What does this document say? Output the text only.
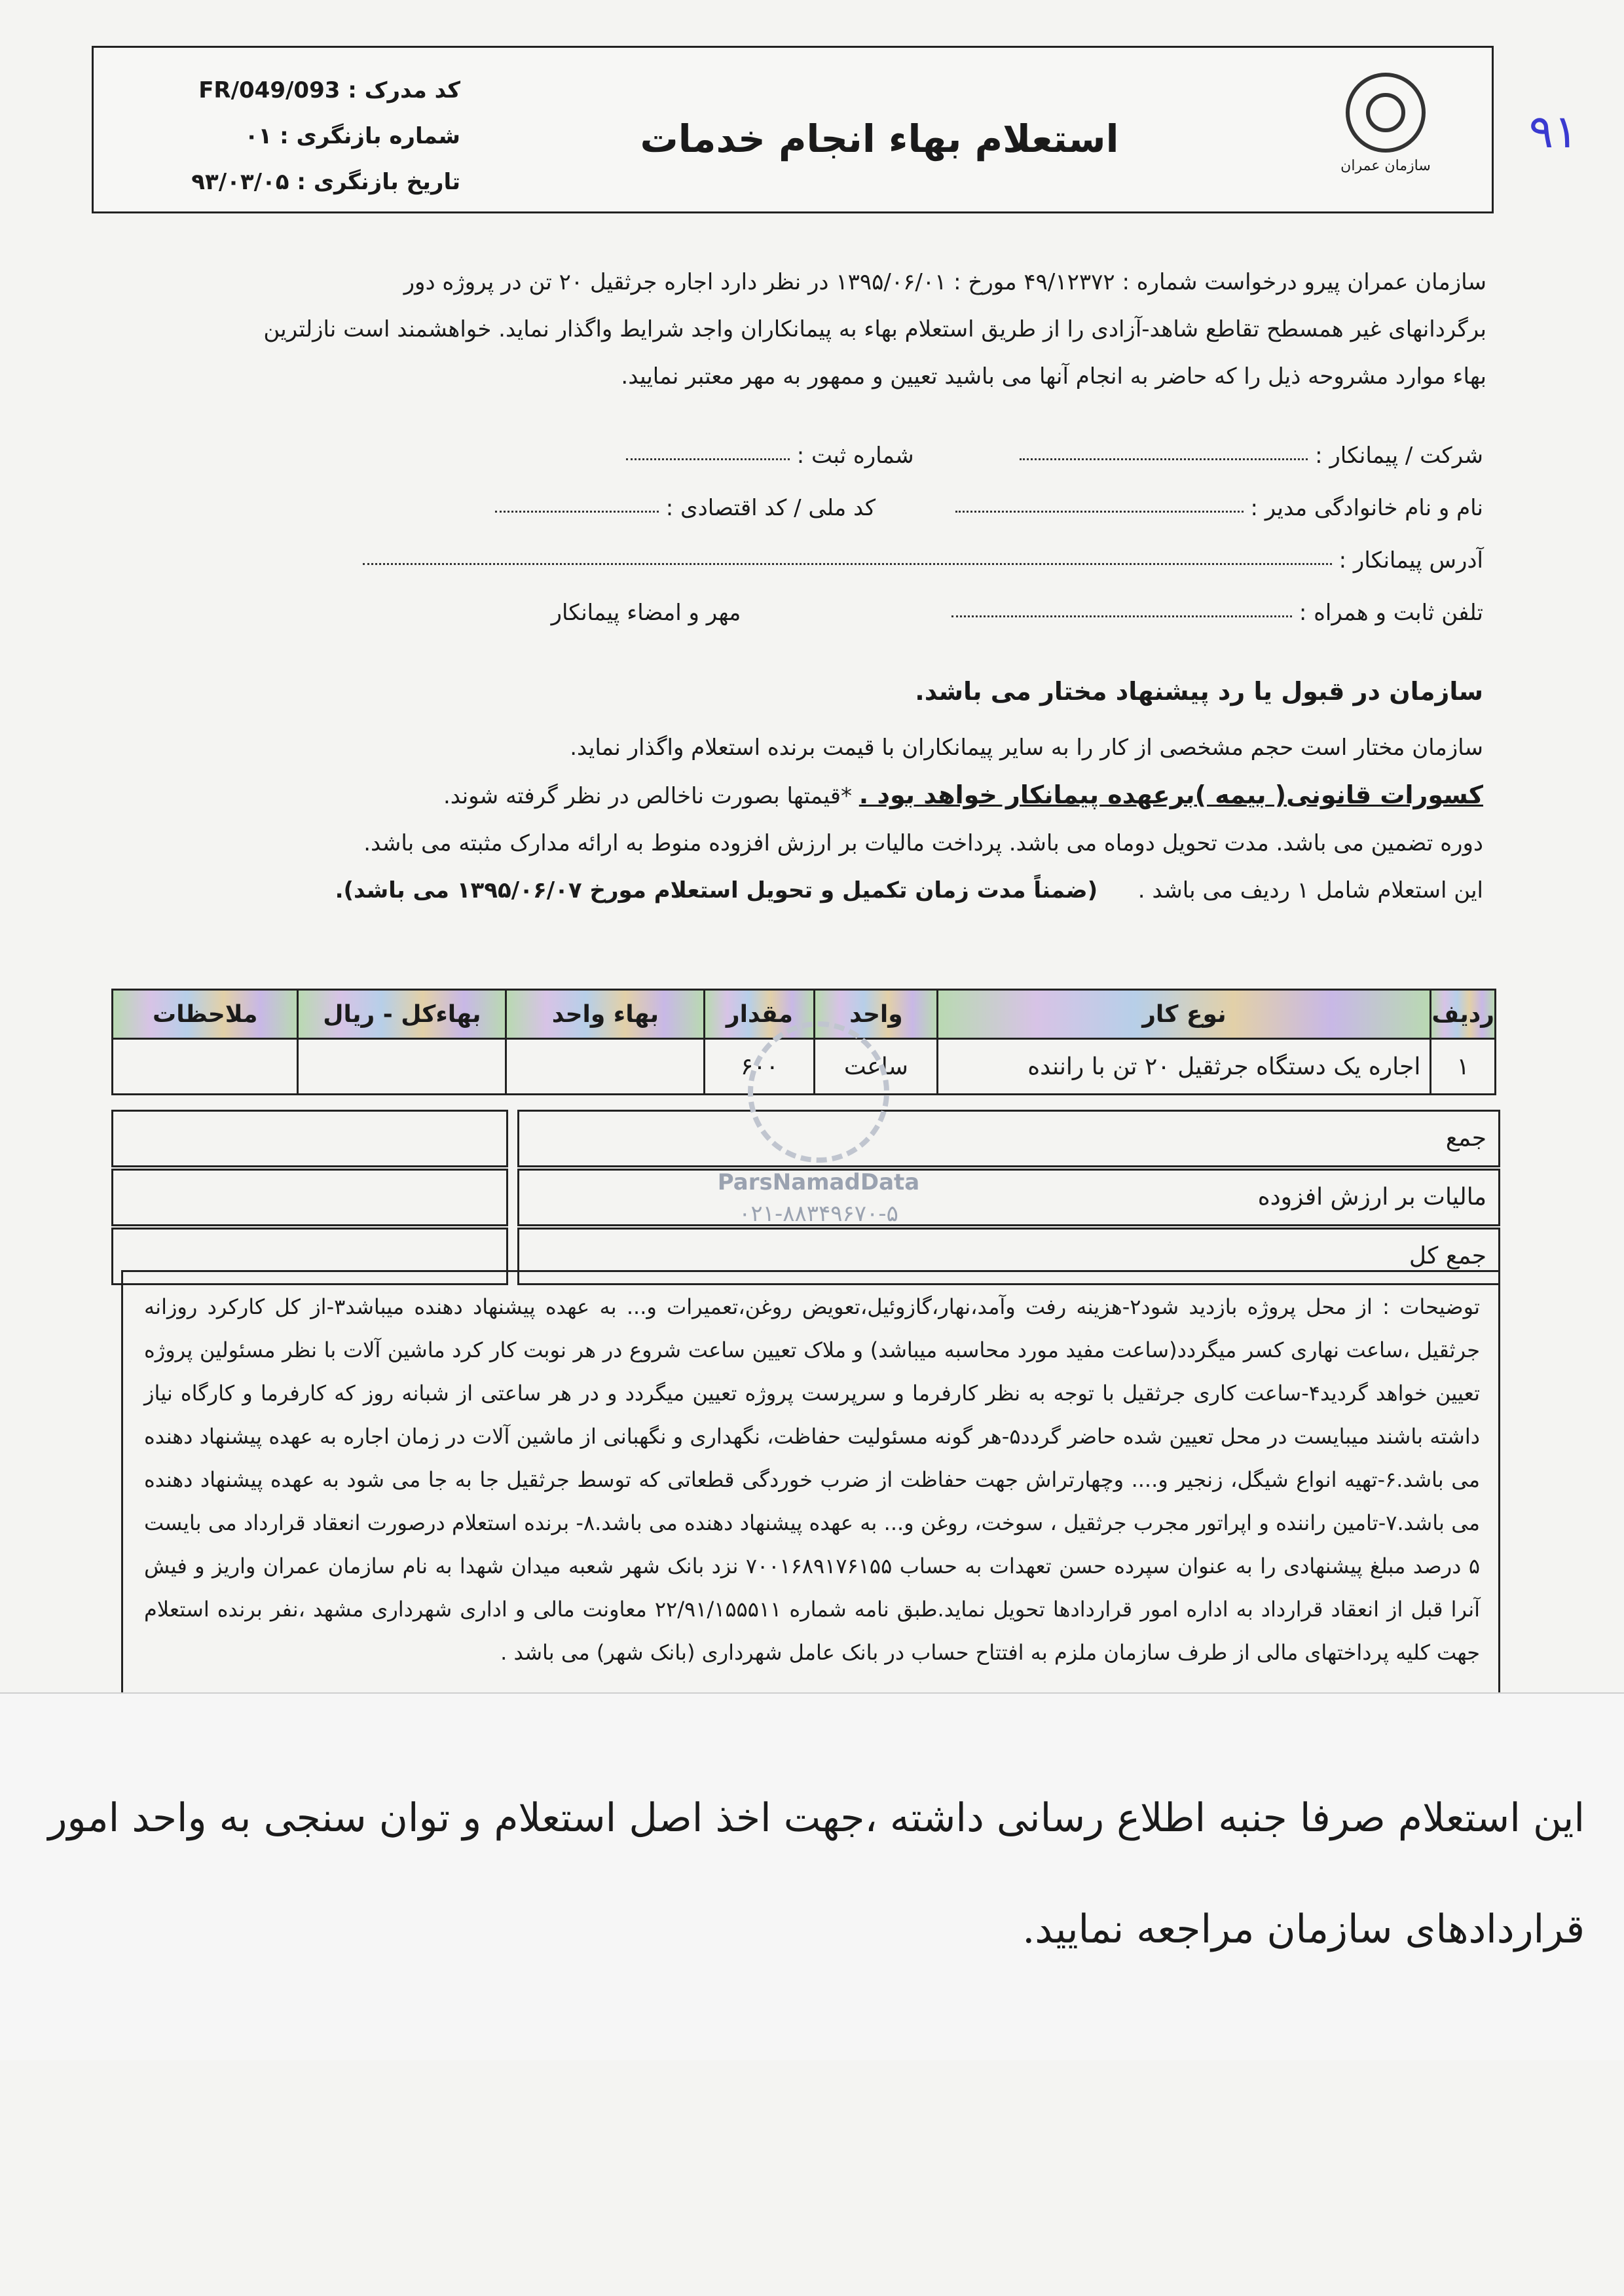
سازمان عمران
استعلام بهاء انجام خدمات
کد مدرک : FR/049/093
شماره بازنگری : ۰۱
تاریخ بازنگری : ۹۳/۰۳/۰۵
۹۱
سازمان عمران پیرو درخواست شماره : ۴۹/۱۲۳۷۲ مورخ : ۱۳۹۵/۰۶/۰۱ در نظر دارد اجاره جرثقیل ۲۰ تن در پروژه دور
برگردانهای غیر همسطح تقاطع شاهد-آزادی را از طریق استعلام بهاء به پیمانکاران واجد شرایط واگذار نماید. خواهشمند است نازلترین
بهاء موارد مشروحه ذیل را که حاضر به انجام آنها می باشید تعیین و ممهور به مهر معتبر نمایید.
شرکت / پیمانکار :   شماره ثبت :
نام و نام خانوادگی مدیر :   کد ملی / کد اقتصادی :
آدرس پیمانکار :
تلفن ثابت و همراه :   مهر و امضاء پیمانکار
سازمان در قبول یا رد پیشنهاد مختار می باشد.
سازمان مختار است حجم مشخصی از کار را به سایر پیمانکاران با قیمت برنده استعلام واگذار نماید.
کسورات قانونی( بیمه )برعهده پیمانکار خواهد بود . *قیمتها بصورت ناخالص در نظر گرفته شوند.
دوره تضمین می باشد. مدت تحویل دوماه می باشد. پرداخت مالیات بر ارزش افزوده منوط به ارائه مدارک مثبته می باشد.
این استعلام شامل ۱ ردیف می باشد .  (ضمناً مدت زمان تکمیل و تحویل استعلام مورخ ۱۳۹۵/۰۶/۰۷ می باشد).
ردیف	نوع کار	واحد	مقدار	بهاء واحد	بهاءکل - ریال	ملاحظات
۱	اجاره یک دستگاه جرثقیل ۲۰ تن با راننده	ساعت	۶۰۰			
جمع
مالیات بر ارزش افزوده
جمع کل
ParsNamadData
۰۲۱-۸۸۳۴۹۶۷۰-۵
توضیحات : از محل پروژه بازدید شود۲-هزینه رفت وآمد،نهار،گازوئیل،تعویض روغن،تعمیرات و... به عهده پیشنهاد دهنده میباشد۳-از کل کارکرد روزانه جرثقیل ،ساعت نهاری کسر میگردد(ساعت مفید مورد محاسبه میباشد) و ملاک تعیین ساعت شروع در هر نوبت کار کرد ماشین آلات با نظر مسئولین پروژه تعیین خواهد گردید۴-ساعت کاری جرثقیل با توجه به نظر کارفرما و سرپرست پروژه تعیین میگردد و در هر ساعتی از شبانه روز که کارفرما و کارگاه نیاز داشته باشند میبایست در محل تعیین شده حاضر گردد۵-هر گونه مسئولیت حفاظت، نگهداری و نگهبانی از ماشین آلات در زمان اجاره به عهده پیشنهاد دهنده می باشد.۶-تهیه انواع شیگل، زنجیر و.... وچهارتراش جهت حفاظت از ضرب خوردگی قطعاتی که توسط جرثقیل جا به جا می شود به عهده پیشنهاد دهنده می باشد.۷-تامین راننده و اپراتور مجرب جرثقیل ، سوخت، روغن و... به عهده پیشنهاد دهنده می باشد.۸- برنده استعلام درصورت انعقاد قرارداد می بایست ۵ درصد مبلغ پیشنهادی را به عنوان سپرده حسن تعهدات به حساب ۷۰۰۱۶۸۹۱۷۶۱۵۵ نزد بانک شهر شعبه میدان شهدا به نام سازمان عمران واریز و فیش آنرا قبل از انعقاد قرارداد به اداره امور قراردادها تحویل نماید.طبق نامه شماره ۲۲/۹۱/۱۵۵۵۱۱ معاونت مالی و اداری شهرداری مشهد ،نفر برنده استعلام جهت کلیه پرداختهای مالی از طرف سازمان ملزم به افتتاح حساب در بانک عامل شهرداری (بانک شهر) می باشد .
این استعلام صرفا جنبه اطلاع رسانی داشته ،جهت اخذ اصل استعلام و توان سنجی به واحد امور
قراردادهای سازمان مراجعه نمایید.
